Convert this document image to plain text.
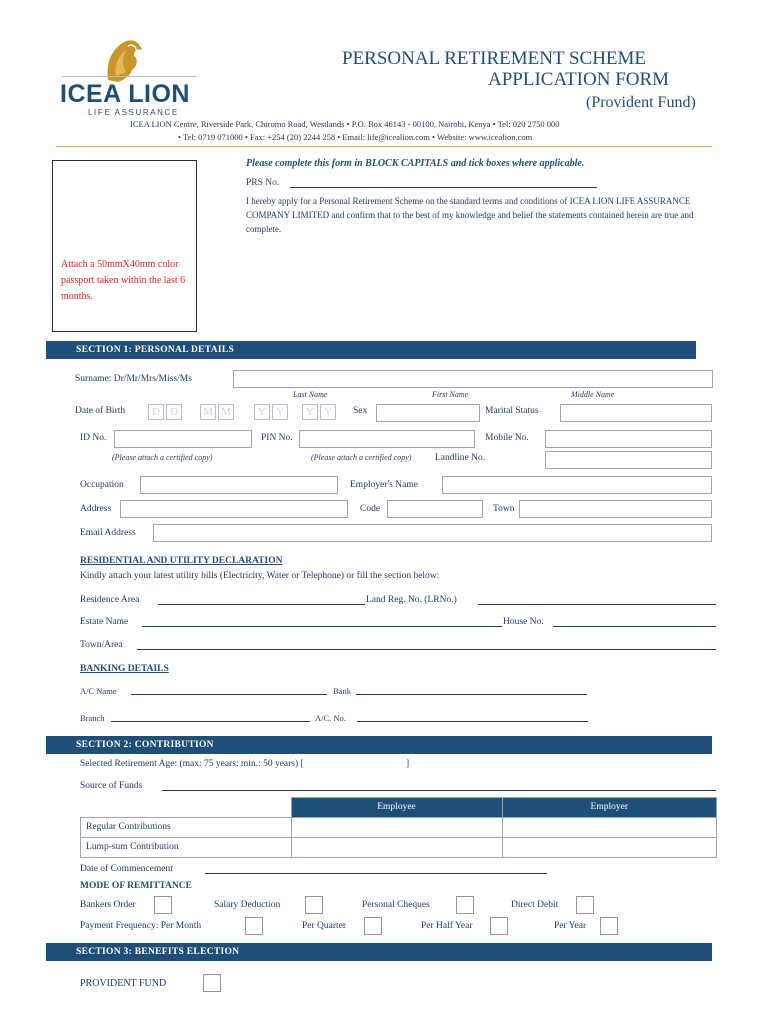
ICEA LION
LIFE ASSURANCE
PERSONAL RETIREMENT SCHEME
APPLICATION FORM
(Provident Fund)
ICEA LION Centre, Riverside Park, Chiromo Road, Westlands • P.O. Box 46143 - 00100, Nairobi, Kenya • Tel: 020 2750 000
• Tel: 0719 071000 • Fax: +254 (20) 2244 258 • Email: life@icealion.com • Website: www.icealion.com
Attach a 50mmX40mm color passport taken within the last 6 months.
Please complete this form in BLOCK CAPITALS and tick boxes where applicable.
PRS No.
I hereby apply for a Personal Retirement Scheme on the standard terms and conditions of ICEA LION LIFE ASSURANCE COMPANY LIMITED and confirm that to the best of my knowledge and belief the statements contained herein are true and complete.
SECTION 1: PERSONAL DETAILS
Surname: Dr/Mr/Mrs/Miss/Ms
Last Name	First Name	Middle Name
Date of Birth	D D	M M	Y Y	Y Y	Sex	Marital Status
ID No.	PIN No.	Mobile No.
(Please attach a certified copy)	(Please attach a certified copy) Landline No.
Occupation	Employer's Name
Address	Code	Town
Email Address
RESIDENTIAL AND UTILITY DECLARATION
Kindly attach your latest utility bills (Electricity, Water or Telephone) or fill the section below:
Residence Area	Land Reg. No. (LRNo.)
Estate Name	House No.
Town/Area
BANKING DETAILS
A/C Name	Bank
Branch	A/C. No.
SECTION 2: CONTRIBUTION
Selected Retirement Age: (max: 75 years; min.: 50 years) [	]
Source of Funds
	Employee	Employer
Regular Contributions		
Lump-sum Contribution		
Date of Commencement
MODE OF REMITTANCE
Bankers Order	Salary Deduction	Personal Cheques	Direct Debit
Payment Frequency: Per Month	Per Quarter	Per Half Year	Per Year
SECTION 3: BENEFITS ELECTION
PROVIDENT FUND
